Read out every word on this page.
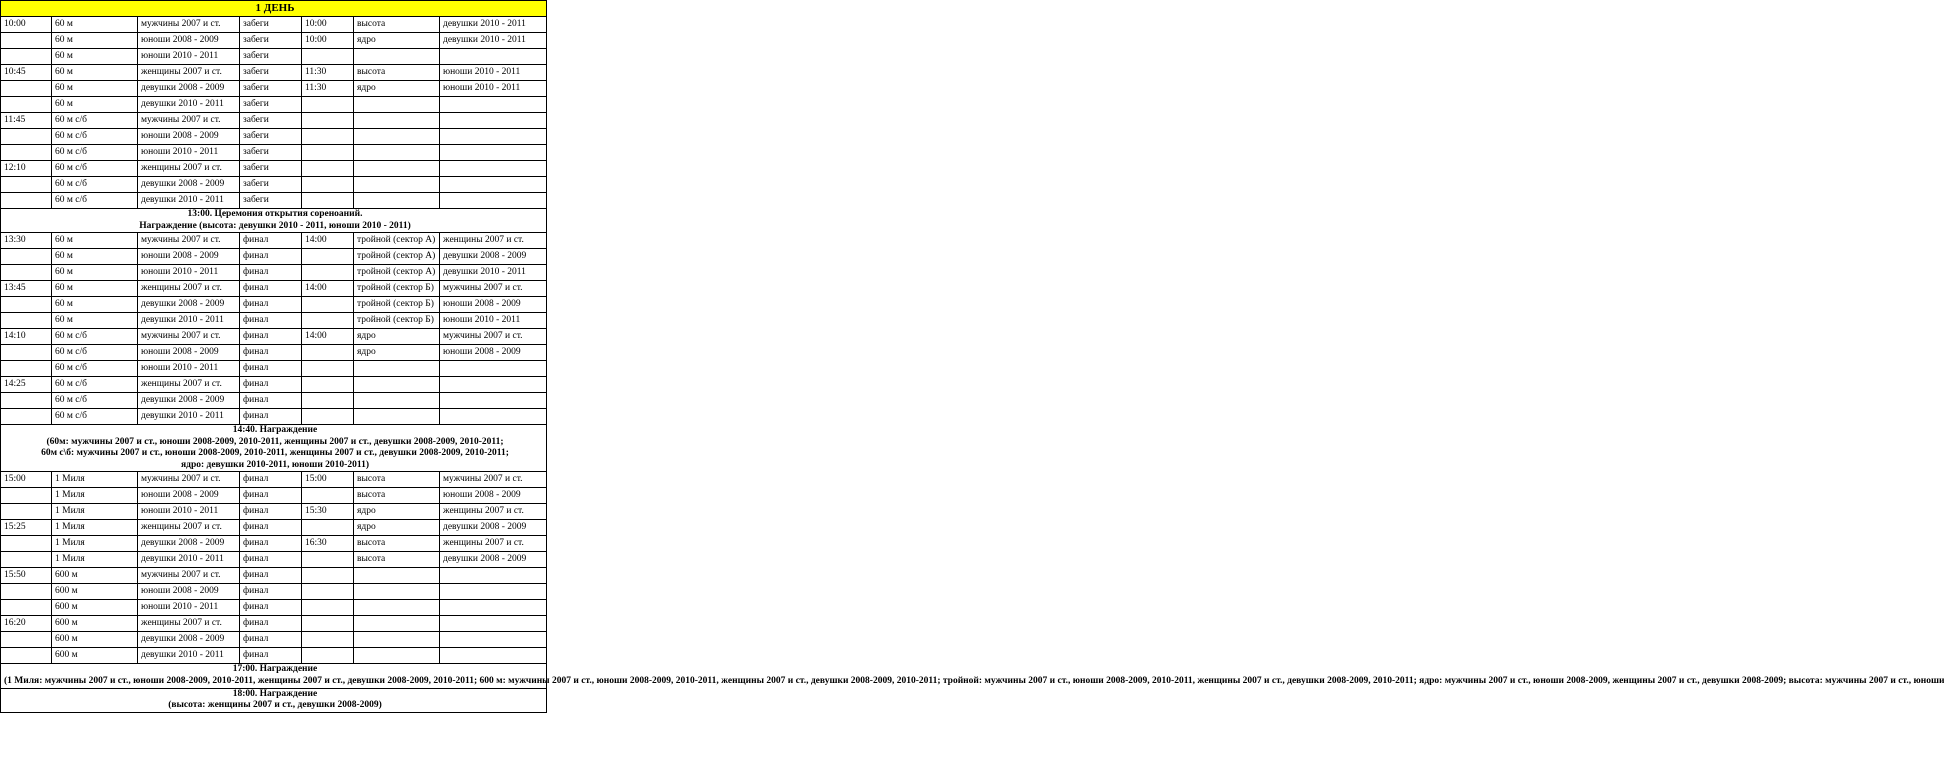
1 ДЕНЬ						
10:00	60 м	мужчины 2007 и ст.	забеги	10:00	высота	девушки 2010 - 2011
	60 м	юноши 2008 - 2009	забеги	10:00	ядро	девушки 2010 - 2011
	60 м	юноши 2010 - 2011	забеги			
10:45	60 м	женщины 2007 и ст.	забеги	11:30	высота	юноши 2010 - 2011
	60 м	девушки 2008 - 2009	забеги	11:30	ядро	юноши 2010 - 2011
	60 м	девушки 2010 - 2011	забеги			
11:45	60 м с/б	мужчины 2007 и ст.	забеги			
	60 м с/б	юноши 2008 - 2009	забеги			
	60 м с/б	юноши 2010 - 2011	забеги			
12:10	60 м с/б	женщины 2007 и ст.	забеги			
	60 м с/б	девушки 2008 - 2009	забеги			
	60 м с/б	девушки 2010 - 2011	забеги			

13:00. Церемония открытия сореноаний.
Награждение (высота: девушки 2010 - 2011, юноши 2010 - 2011)						

13:30	60 м	мужчины 2007 и ст.	финал	14:00	тройной (сектор А)	женщины 2007 и ст.
	60 м	юноши 2008 - 2009	финал		тройной (сектор А)	девушки 2008 - 2009
	60 м	юноши 2010 - 2011	финал		тройной (сектор А)	девушки 2010 - 2011
13:45	60 м	женщины 2007 и ст.	финал	14:00	тройной (сектор Б)	мужчины 2007 и ст.
	60 м	девушки 2008 - 2009	финал		тройной (сектор Б)	юноши 2008 - 2009
	60 м	девушки 2010 - 2011	финал		тройной (сектор Б)	юноши 2010 - 2011
14:10	60 м с/б	мужчины 2007 и ст.	финал	14:00	ядро	мужчины 2007 и ст.
	60 м с/б	юноши 2008 - 2009	финал		ядро	юноши 2008 - 2009
	60 м с/б	юноши 2010 - 2011	финал			
14:25	60 м с/б	женщины 2007 и ст.	финал			
	60 м с/б	девушки 2008 - 2009	финал			
	60 м с/б	девушки 2010 - 2011	финал			

14:40. Награждение
(60м: мужчины 2007 и ст., юноши 2008-2009, 2010-2011, женщины 2007 и ст., девушки 2008-2009, 2010-2011;
60м с\б: мужчины 2007 и ст., юноши 2008-2009, 2010-2011, женщины 2007 и ст., девушки 2008-2009, 2010-2011;
ядро: девушки 2010-2011, юноши 2010-2011)						

15:00	1 Миля	мужчины 2007 и ст.	финал	15:00	высота	мужчины 2007 и ст.
	1 Миля	юноши 2008 - 2009	финал		высота	юноши 2008 - 2009
	1 Миля	юноши 2010 - 2011	финал	15:30	ядро	женщины 2007 и ст.
15:25	1 Миля	женщины 2007 и ст.	финал		ядро	девушки 2008 - 2009
	1 Миля	девушки 2008 - 2009	финал	16:30	высота	женщины 2007 и ст.
	1 Миля	девушки 2010 - 2011	финал		высота	девушки 2008 - 2009
15:50	600 м	мужчины 2007 и ст.	финал			
	600 м	юноши 2008 - 2009	финал			
	600 м	юноши 2010 - 2011	финал			
16:20	600 м	женщины 2007 и ст.	финал			
	600 м	девушки 2008 - 2009	финал			
	600 м	девушки 2010 - 2011	финал			

17:00. Награждение
(1 Миля: мужчины 2007 и ст., юноши 2008-2009, 2010-2011, женщины 2007 и ст., девушки 2008-2009, 2010-2011; 600 м: мужчины 2007 и ст., юноши 2008-2009, 2010-2011, женщины 2007 и ст., девушки 2008-2009, 2010-2011; тройной: мужчины 2007 и ст., юноши 2008-2009, 2010-2011, женщины 2007 и ст., девушки 2008-2009, 2010-2011; ядро: мужчины 2007 и ст., юноши 2008-2009, женщины 2007 и ст., девушки 2008-2009; высота: мужчины 2007 и ст., юноши						

18:00. Награждение
(высота: женщины 2007 и ст., девушки 2008-2009)						
